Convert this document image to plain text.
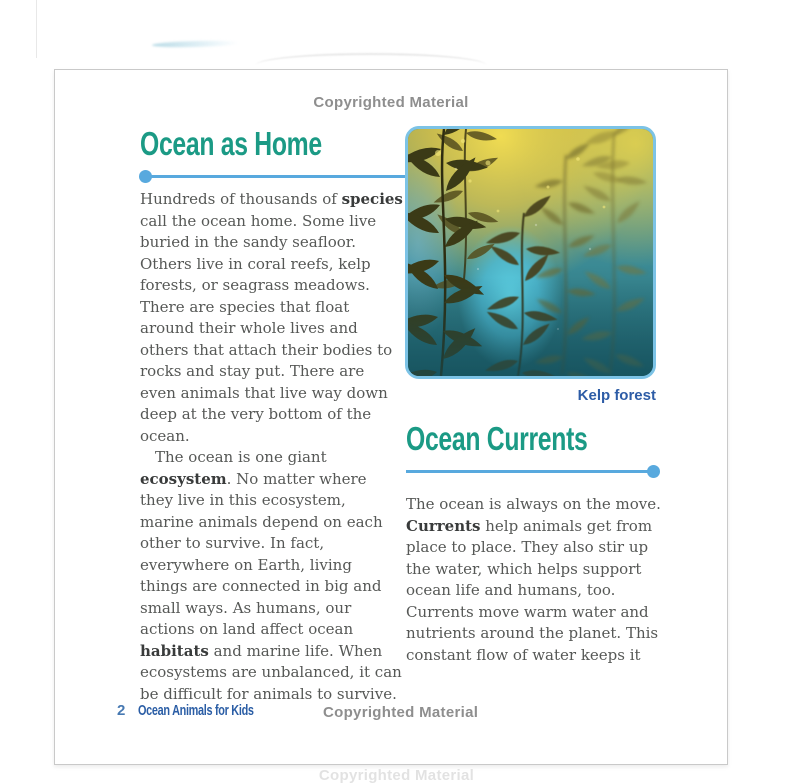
Copyrighted Material
Ocean as Home

Hundreds of thousands of species call the ocean home. Some live buried in the sandy seafloor. Others live in coral reefs, kelp forests, or seagrass meadows. There are species that float around their whole lives and others that attach their bodies to rocks and stay put. There are even animals that live way down deep at the very bottom of the ocean.

The ocean is one giant ecosystem. No matter where they live in this ecosystem, marine animals depend on each other to survive. In fact, everywhere on Earth, living things are connected in big and small ways. As humans, our actions on land affect ocean habitats and marine life. When ecosystems are unbalanced, it can be difficult for animals to survive.

Kelp forest
Ocean Currents

The ocean is always on the move. Currents help animals get from place to place. They also stir up the water, which helps support ocean life and humans, too. Currents move warm water and nutrients around the planet. This constant flow of water keeps it

2 Ocean Animals for Kids	Copyrighted Material
Copyrighted Material
